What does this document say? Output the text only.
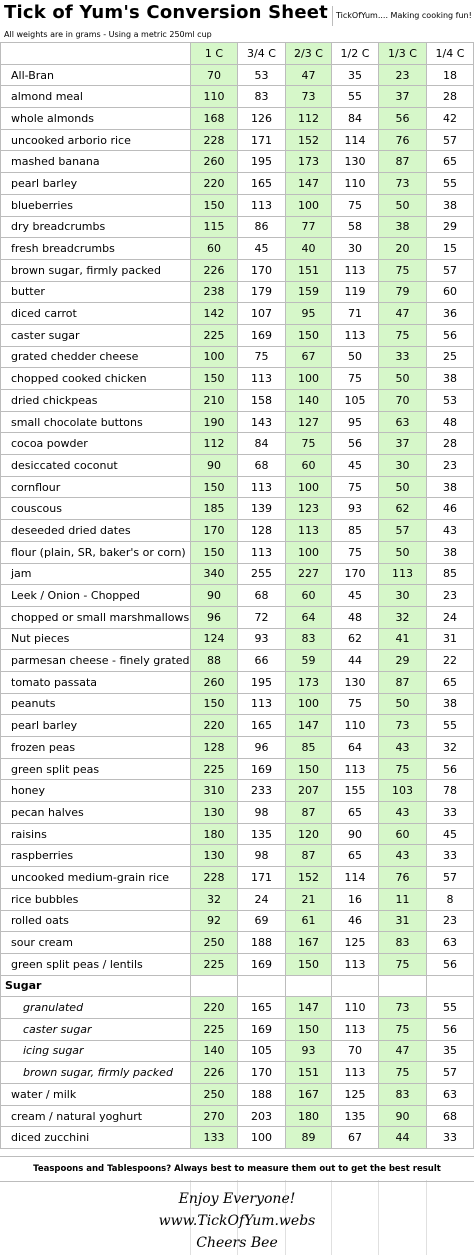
Tick of Yum's Conversion Sheet	TickOfYum.... Making cooking fun!
All weights are in grams - Using a metric 250ml cup
	1 C	3/4 C	2/3 C	1/2 C	1/3 C	1/4 C
All-Bran	70	53	47	35	23	18
almond meal	110	83	73	55	37	28
whole almonds	168	126	112	84	56	42
uncooked arborio rice	228	171	152	114	76	57
mashed banana	260	195	173	130	87	65
pearl barley	220	165	147	110	73	55
blueberries	150	113	100	75	50	38
dry breadcrumbs	115	86	77	58	38	29
fresh breadcrumbs	60	45	40	30	20	15
brown sugar, firmly packed	226	170	151	113	75	57
butter	238	179	159	119	79	60
diced carrot	142	107	95	71	47	36
caster sugar	225	169	150	113	75	56
grated chedder cheese	100	75	67	50	33	25
chopped cooked chicken	150	113	100	75	50	38
dried chickpeas	210	158	140	105	70	53
small chocolate buttons	190	143	127	95	63	48
cocoa powder	112	84	75	56	37	28
desiccated coconut	90	68	60	45	30	23
cornflour	150	113	100	75	50	38
couscous	185	139	123	93	62	46
deseeded dried dates	170	128	113	85	57	43
flour (plain, SR, baker's or corn)	150	113	100	75	50	38
jam	340	255	227	170	113	85
Leek / Onion - Chopped	90	68	60	45	30	23
chopped or small marshmallows	96	72	64	48	32	24
Nut pieces	124	93	83	62	41	31
parmesan cheese - finely grated	88	66	59	44	29	22
tomato passata	260	195	173	130	87	65
peanuts	150	113	100	75	50	38
pearl barley	220	165	147	110	73	55
frozen peas	128	96	85	64	43	32
green split peas	225	169	150	113	75	56
honey	310	233	207	155	103	78
pecan halves	130	98	87	65	43	33
raisins	180	135	120	90	60	45
raspberries	130	98	87	65	43	33
uncooked medium-grain rice	228	171	152	114	76	57
rice bubbles	32	24	21	16	11	8
rolled oats	92	69	61	46	31	23
sour cream	250	188	167	125	83	63
green split peas / lentils	225	169	150	113	75	56
Sugar						
granulated	220	165	147	110	73	55
caster sugar	225	169	150	113	75	56
icing sugar	140	105	93	70	47	35
brown sugar, firmly packed	226	170	151	113	75	57
water / milk	250	188	167	125	83	63
cream / natural yoghurt	270	203	180	135	90	68
diced zucchini	133	100	89	67	44	33
Teaspoons and Tablespoons? Always best to measure them out to get the best result
Enjoy Everyone!
www.TickOfYum.webs
Cheers Bee
